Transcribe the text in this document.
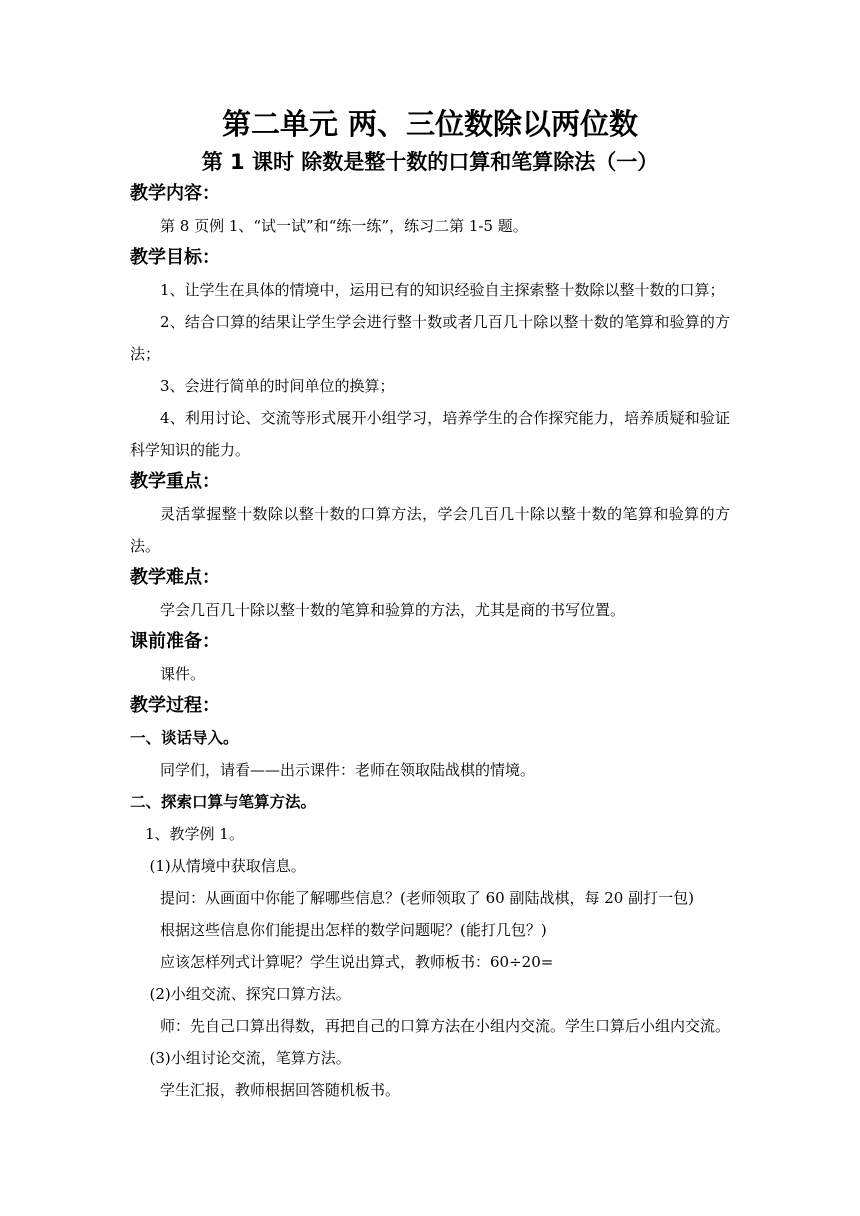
第二单元 两、三位数除以两位数
第 1 课时 除数是整十数的口算和笔算除法（一）
教学内容：

第 8 页例 1、“试一试”和“练一练”，练习二第 1-5 题。

教学目标：

1、让学生在具体的情境中，运用已有的知识经验自主探索整十数除以整十数的口算；

2、结合口算的结果让学生学会进行整十数或者几百几十除以整十数的笔算和验算的方法；

3、会进行简单的时间单位的换算；

4、利用讨论、交流等形式展开小组学习，培养学生的合作探究能力，培养质疑和验证科学知识的能力。

教学重点：

灵活掌握整十数除以整十数的口算方法，学会几百几十除以整十数的笔算和验算的方法。

教学难点：

学会几百几十除以整十数的笔算和验算的方法，尤其是商的书写位置。

课前准备：

课件。

教学过程：
一、谈话导入。

同学们，请看——出示课件：老师在领取陆战棋的情境。

二、探索口算与笔算方法。

1、教学例 1。

(1)从情境中获取信息。

提问：从画面中你能了解哪些信息？(老师领取了 60 副陆战棋，每 20 副打一包)

根据这些信息你们能提出怎样的数学问题呢？(能打几包？)

应该怎样列式计算呢？学生说出算式，教师板书：60÷20=

(2)小组交流、探究口算方法。

师：先自己口算出得数，再把自己的口算方法在小组内交流。学生口算后小组内交流。

(3)小组讨论交流，笔算方法。

学生汇报，教师根据回答随机板书。
